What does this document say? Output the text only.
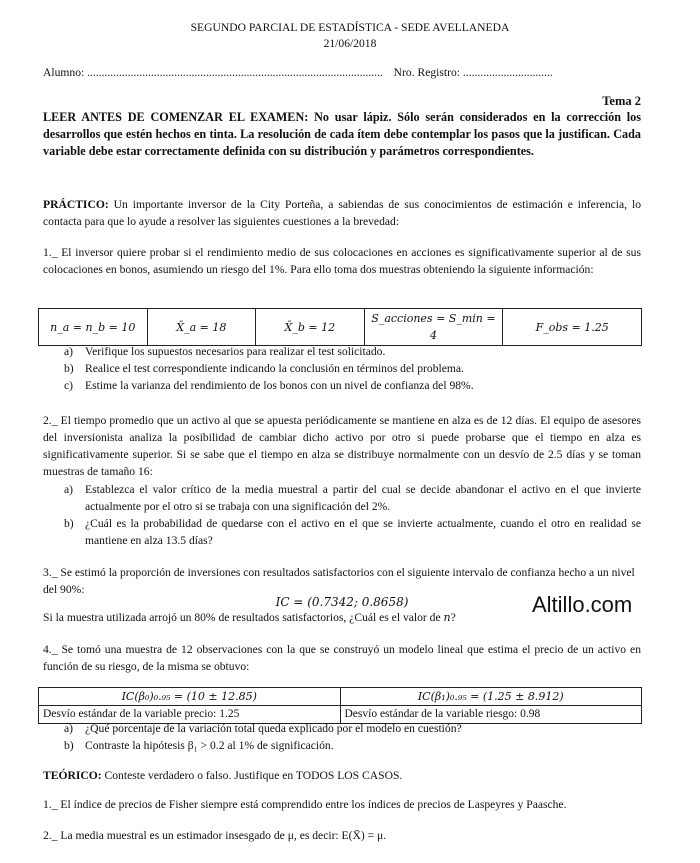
SEGUNDO PARCIAL DE ESTADÍSTICA - SEDE AVELLANEDA
21/06/2018
Alumno: ...................................................................................................... Nro. Registro: ...............................
Tema 2
LEER ANTES DE COMENZAR EL EXAMEN: No usar lápiz. Sólo serán considerados en la corrección los desarrollos que estén hechos en tinta. La resolución de cada ítem debe contemplar los pasos que la justifican. Cada variable debe estar correctamente definida con su distribución y parámetros correspondientes.
PRÁCTICO: Un importante inversor de la City Porteña, a sabiendas de sus conocimientos de estimación e inferencia, lo contacta para que lo ayude a resolver las siguientes cuestiones a la brevedad:
1._ El inversor quiere probar si el rendimiento medio de sus colocaciones en acciones es significativamente superior al de sus colocaciones en bonos, asumiendo un riesgo del 1%. Para ello toma dos muestras obteniendo la siguiente información:
n_a = n_b = 10	X̄_a = 18	X̄_b = 12	S_acciones = S_min = 4	F_obs = 1.25
a) Verifique los supuestos necesarios para realizar el test solicitado.
b) Realice el test correspondiente indicando la conclusión en términos del problema.
c) Estime la varianza del rendimiento de los bonos con un nivel de confianza del 98%.
2._ El tiempo promedio que un activo al que se apuesta periódicamente se mantiene en alza es de 12 días. El equipo de asesores del inversionista analiza la posibilidad de cambiar dicho activo por otro si puede probarse que el tiempo en alza es significativamente superior. Si se sabe que el tiempo en alza se distribuye normalmente con un desvío de 2.5 días y se toman muestras de tamaño 16:
a) Establezca el valor crítico de la media muestral a partir del cual se decide abandonar el activo en el que invierte actualmente por el otro si se trabaja con una significación del 2%.
b) ¿Cuál es la probabilidad de quedarse con el activo en el que se invierte actualmente, cuando el otro en realidad se mantiene en alza 13.5 días?
3._ Se estimó la proporción de inversiones con resultados satisfactorios con el siguiente intervalo de confianza hecho a un nivel del 90%:
IC = (0.7342; 0.8658)
Si la muestra utilizada arrojó un 80% de resultados satisfactorios, ¿Cuál es el valor de n?
Altillo.com
4._ Se tomó una muestra de 12 observaciones con la que se construyó un modelo lineal que estima el precio de un activo en función de su riesgo, de la misma se obtuvo:
IC(β₀)₀.₉₅ = (10 ± 12.85)	IC(β₁)₀.₉₅ = (1.25 ± 8.912)
Desvío estándar de la variable precio: 1.25	Desvío estándar de la variable riesgo: 0.98
a) ¿Qué porcentaje de la variación total queda explicado por el modelo en cuestión?
b) Contraste la hipótesis β₁ > 0.2 al 1% de significación.
TEÓRICO: Conteste verdadero o falso. Justifique en TODOS LOS CASOS.
1._ El índice de precios de Fisher siempre está comprendido entre los índices de precios de Laspeyres y Paasche.
2._ La media muestral es un estimador insesgado de μ, es decir: E(X̄) = μ.
